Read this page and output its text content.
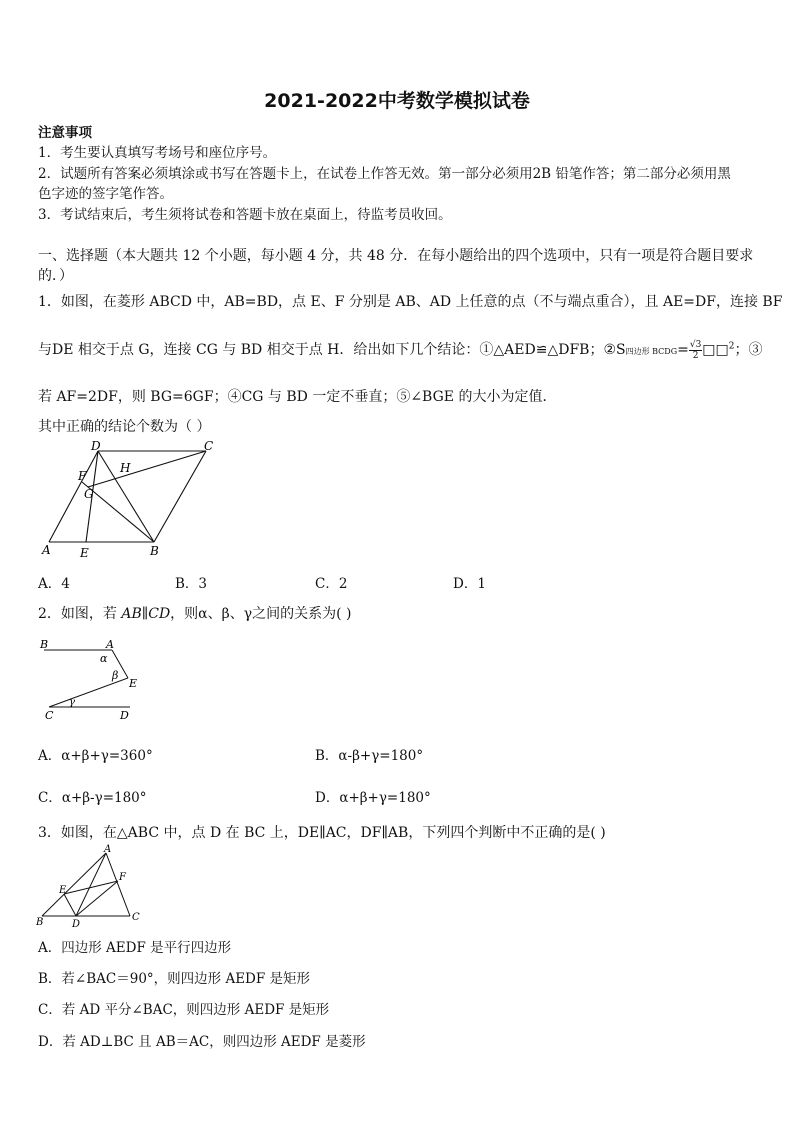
2021-2022中考数学模拟试卷
注意事项
1．考生要认真填写考场号和座位序号。
2．试题所有答案必须填涂或书写在答题卡上，在试卷上作答无效。第一部分必须用2B 铅笔作答；第二部分必须用黑
色字迹的签字笔作答。
3．考试结束后，考生须将试卷和答题卡放在桌面上，待监考员收回。
一、选择题（本大题共 12 个小题，每小题 4 分，共 48 分．在每小题给出的四个选项中，只有一项是符合题目要求
的．）
1．如图，在菱形 ABCD 中，AB=BD，点 E、F 分别是 AB、AD 上任意的点（不与端点重合），且 AE=DF，连接 BF
与DE 相交于点 G，连接 CG 与 BD 相交于点 H．给出如下几个结论：①△AED≌△DFB；②S四边形 BCDG= $\frac{√3}{2}$ □□$^2$；③
若 AF=2DF，则 BG=6GF；④CG 与 BD 一定不垂直；⑤∠BGE 的大小为定值．
其中正确的结论个数为（ ）
D	C
H
F
G
A E	B
A．4	B．3	C．2	D．1
2．如图，若 AB∥CD，则α、β、γ之间的关系为( )
B	A
α
β
E
γ
C	D
A．α+β+γ=360°	B．α-β+γ=180°
C．α+β-γ=180°	D．α+β+γ=180°
3．如图，在△ABC 中，点 D 在 BC 上，DE∥AC，DF∥AB，下列四个判断中不正确的是( )
A
F
E
B	D
C
A．四边形 AEDF 是平行四边形
B．若∠BAC＝90°，则四边形 AEDF 是矩形
C．若 AD 平分∠BAC，则四边形 AEDF 是矩形
D．若 AD⊥BC 且 AB＝AC，则四边形 AEDF 是菱形
